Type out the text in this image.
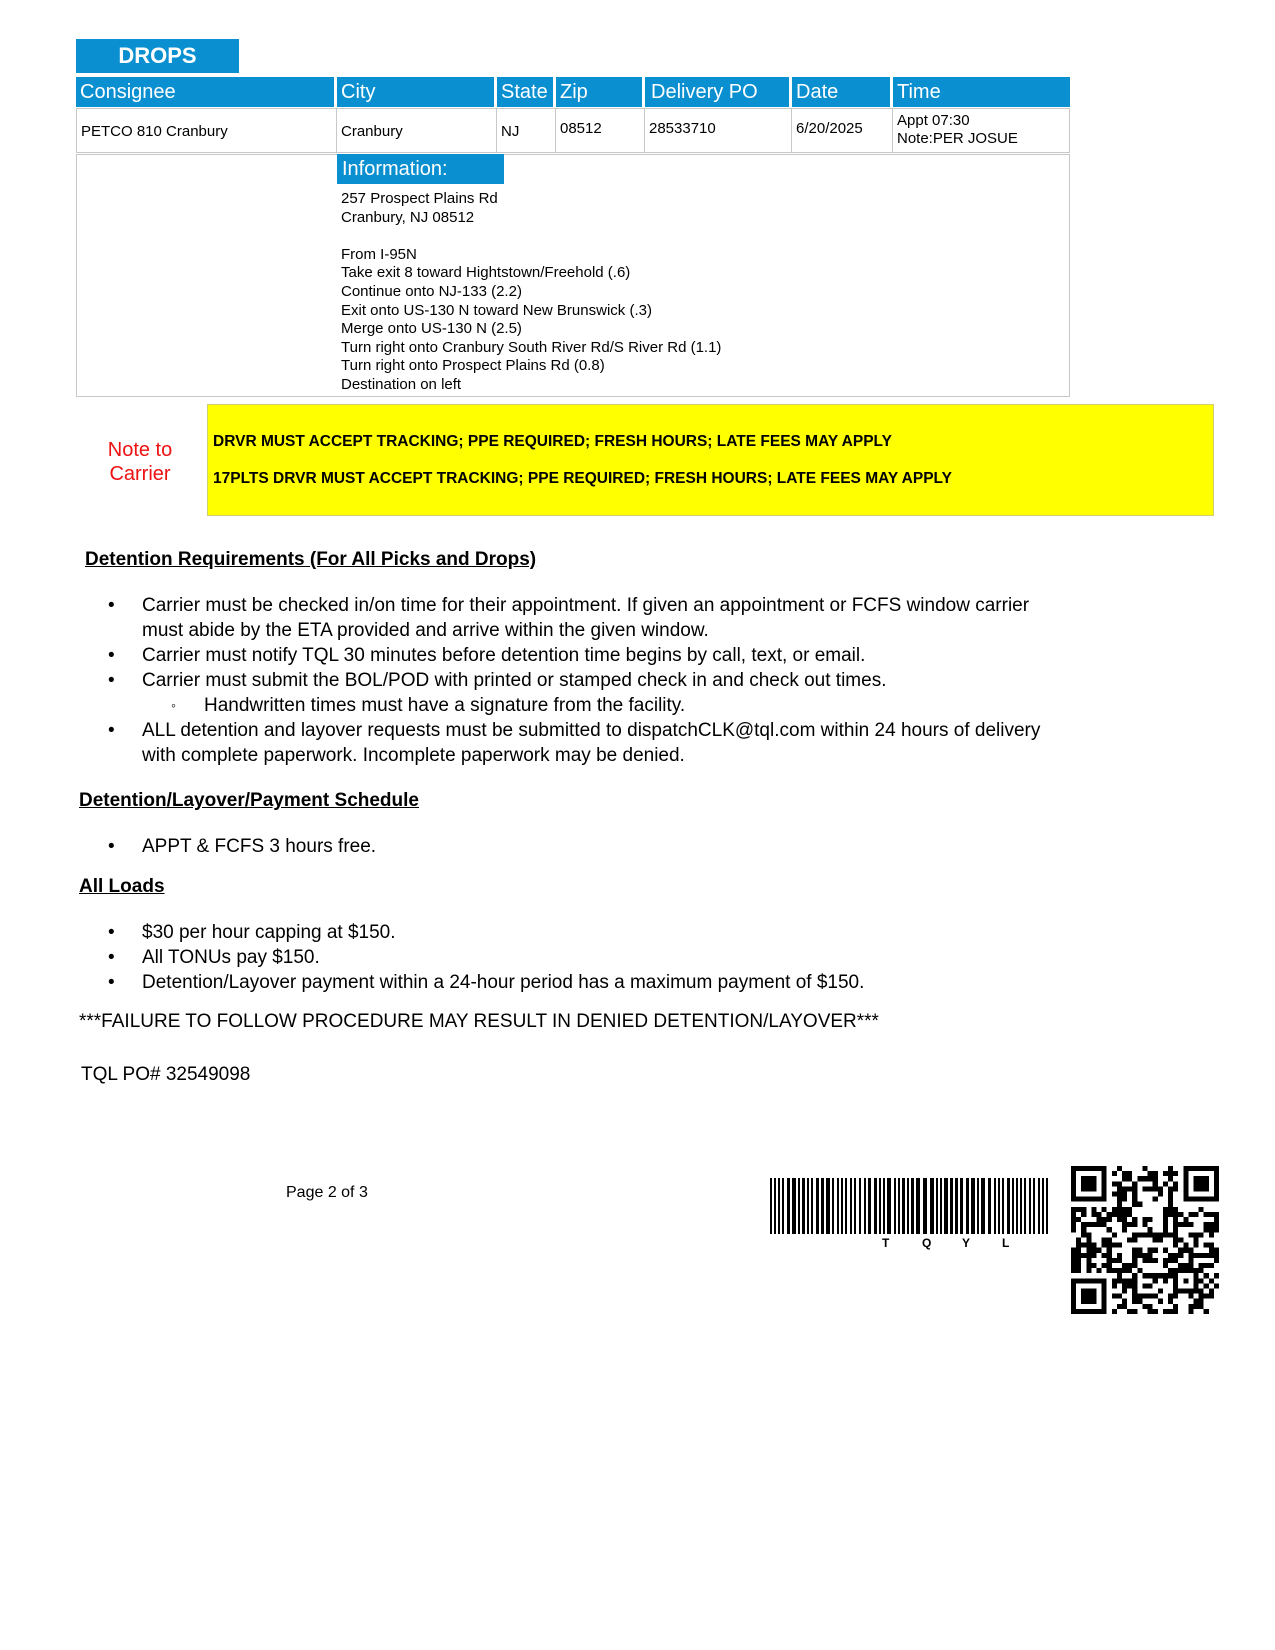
DROPS
Consignee	City	State Zip	Delivery PO	Date	Time
PETCO 810 Cranbury	Cranbury	NJ	08512	28533710	6/20/2025	Appt 07:30
Note:PER JOSUE
Information:
257 Prospect Plains Rd
Cranbury, NJ 08512
From I-95N
Take exit 8 toward Hightstown/Freehold (.6)
Continue onto NJ-133 (2.2)
Exit onto US-130 N toward New Brunswick (.3)
Merge onto US-130 N (2.5)
Turn right onto Cranbury South River Rd/S River Rd (1.1)
Turn right onto Prospect Plains Rd (0.8)
Destination on left
Note to
Carrier
DRVR MUST ACCEPT TRACKING; PPE REQUIRED; FRESH HOURS; LATE FEES MAY APPLY
17PLTS DRVR MUST ACCEPT TRACKING; PPE REQUIRED; FRESH HOURS; LATE FEES MAY APPLY
Detention Requirements (For All Picks and Drops)
• Carrier must be checked in/on time for their appointment. If given an appointment or FCFS window carrier must abide by the ETA provided and arrive within the given window.
• Carrier must notify TQL 30 minutes before detention time begins by call, text, or email.
• Carrier must submit the BOL/POD with printed or stamped check in and check out times.
◦ Handwritten times must have a signature from the facility.
• ALL detention and layover requests must be submitted to dispatchCLK@tql.com within 24 hours of delivery with complete paperwork. Incomplete paperwork may be denied.
Detention/Layover/Payment Schedule
• APPT & FCFS 3 hours free.
All Loads
• $30 per hour capping at $150.
• All TONUs pay $150.
• Detention/Layover payment within a 24-hour period has a maximum payment of $150.
***FAILURE TO FOLLOW PROCEDURE MAY RESULT IN DENIED DETENTION/LAYOVER***
TQL PO# 32549098
Page 2 of 3
T	Q	Y	L
